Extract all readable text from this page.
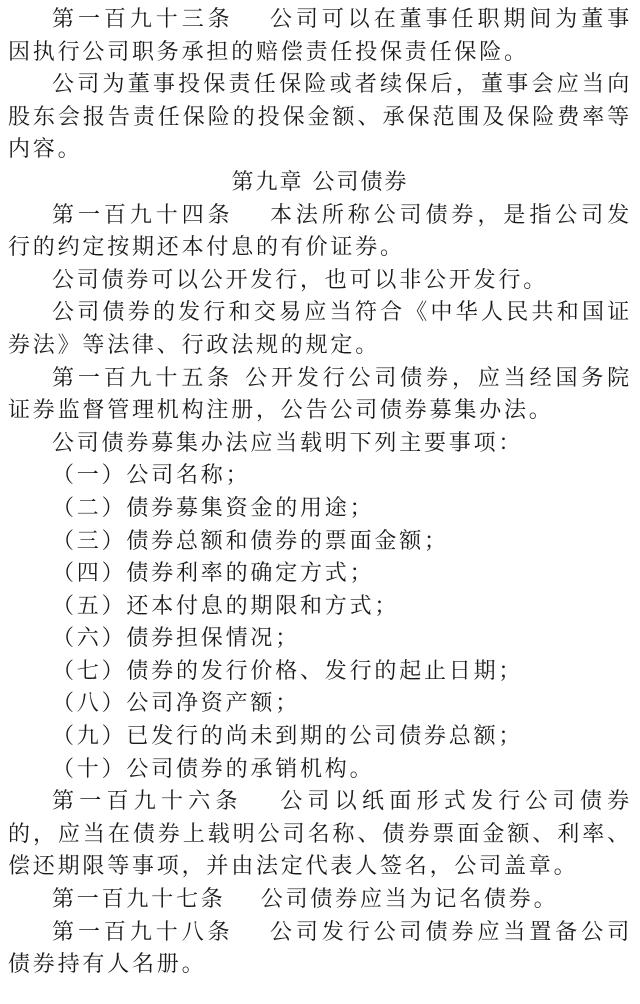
第一百九十三条 公司可以在董事任职期间为董事因执行公司职务承担的赔偿责任投保责任保险。

公司为董事投保责任保险或者续保后，董事会应当向股东会报告责任保险的投保金额、承保范围及保险费率等内容。

第九章 公司债券

第一百九十四条 本法所称公司债券，是指公司发行的约定按期还本付息的有价证券。

公司债券可以公开发行，也可以非公开发行。

公司债券的发行和交易应当符合《中华人民共和国证券法》等法律、行政法规的规定。

第一百九十五条 公开发行公司债券，应当经国务院证券监督管理机构注册，公告公司债券募集办法。

公司债券募集办法应当载明下列主要事项：

（一）公司名称；

（二）债券募集资金的用途；

（三）债券总额和债券的票面金额；

（四）债券利率的确定方式；

（五）还本付息的期限和方式；

（六）债券担保情况；

（七）债券的发行价格、发行的起止日期；

（八）公司净资产额；

（九）已发行的尚未到期的公司债券总额；

（十）公司债券的承销机构。

第一百九十六条 公司以纸面形式发行公司债券的，应当在债券上载明公司名称、债券票面金额、利率、偿还期限等事项，并由法定代表人签名，公司盖章。

第一百九十七条 公司债券应当为记名债券。

第一百九十八条 公司发行公司债券应当置备公司债券持有人名册。
